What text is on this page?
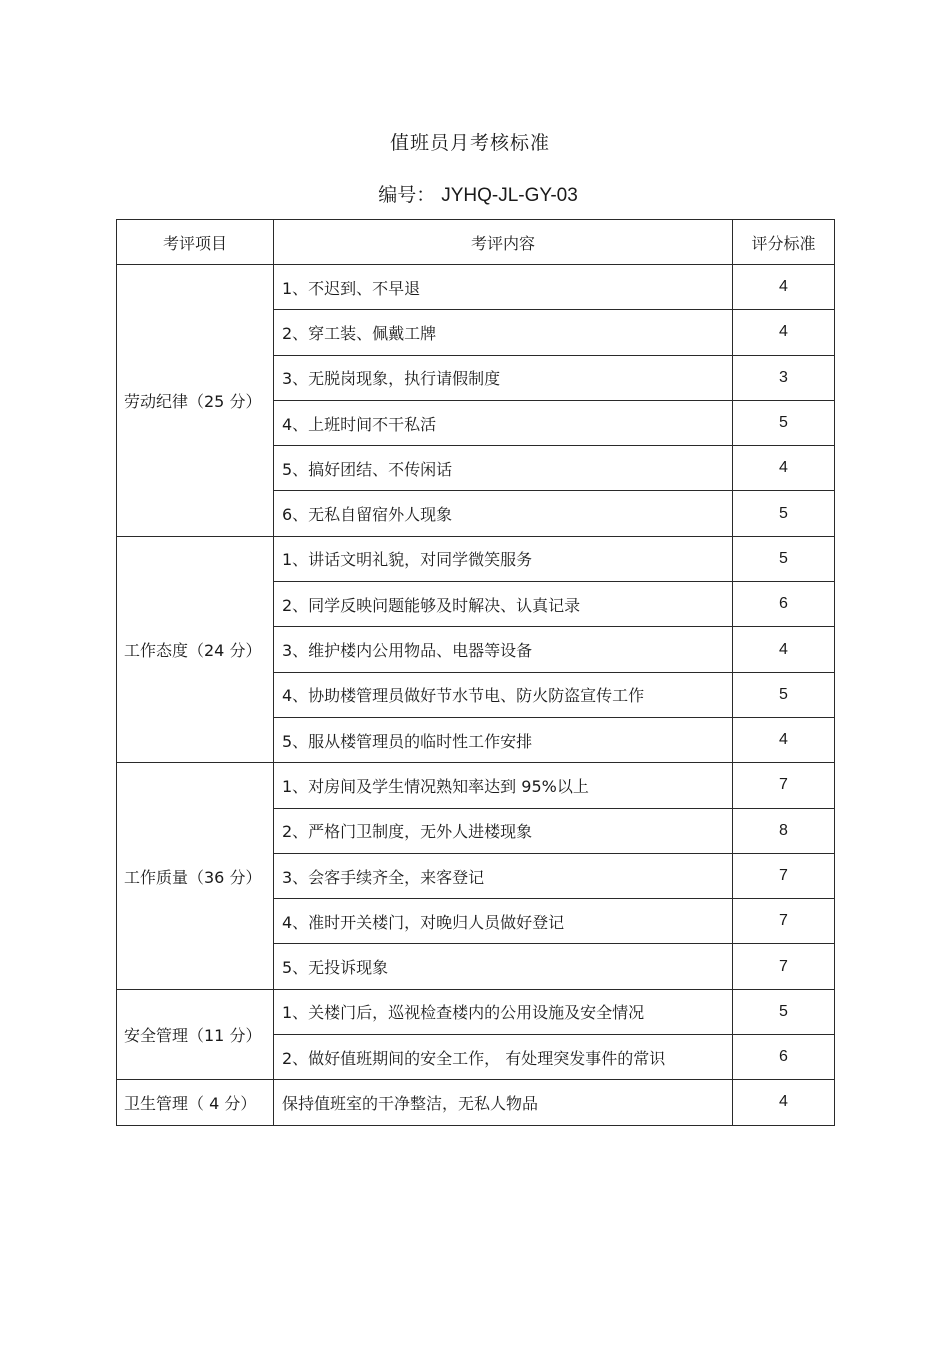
值班员月考核标准
编号： JYHQ-JL-GY-03
考评项目	考评内容	评分标准
劳动纪律（25 分）	1、不迟到、不早退	4
	2、穿工装、佩戴工牌	4
	3、无脱岗现象，执行请假制度	3
	4、上班时间不干私活	5
	5、搞好团结、不传闲话	4
	6、无私自留宿外人现象	5
工作态度（24 分）	1、讲话文明礼貌，对同学微笑服务	5
	2、同学反映问题能够及时解决、认真记录	6
	3、维护楼内公用物品、电器等设备	4
	4、协助楼管理员做好节水节电、防火防盗宣传工作	5
	5、服从楼管理员的临时性工作安排	4
工作质量（36 分）	1、对房间及学生情况熟知率达到 95%以上	7
	2、严格门卫制度，无外人进楼现象	8
	3、会客手续齐全，来客登记	7
	4、准时开关楼门，对晚归人员做好登记	7
	5、无投诉现象	7
安全管理（11 分）	1、关楼门后，巡视检查楼内的公用设施及安全情况	5
	2、做好值班期间的安全工作， 有处理突发事件的常识	6
卫生管理（ 4 分）	保持值班室的干净整洁，无私人物品	4
